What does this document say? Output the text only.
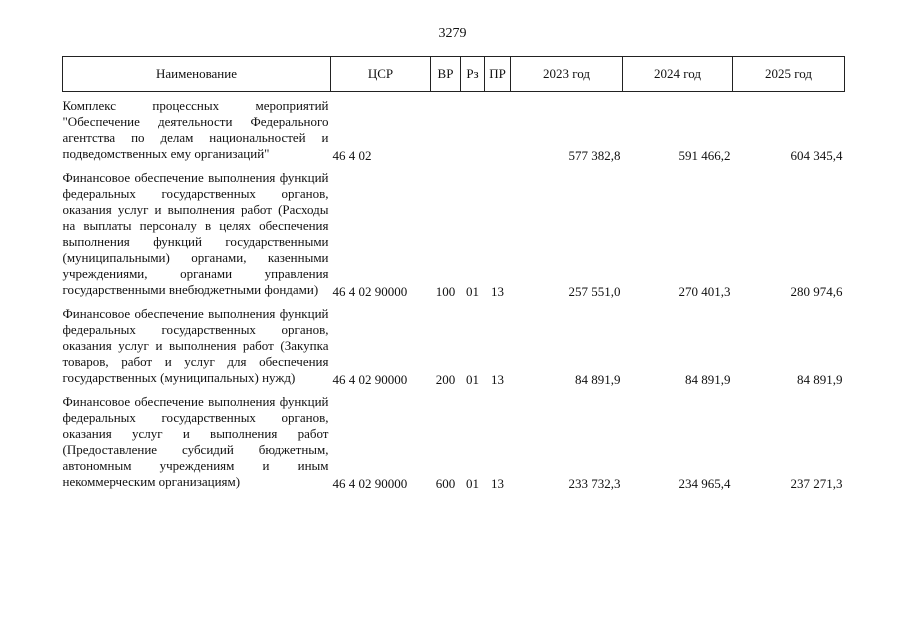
3279
Наименование	ЦСР	ВР	Рз	ПР	2023 год	2024 год	2025 год
Комплекс процессных мероприятий "Обеспечение деятельности Федерального агентства по делам национальностей и подведомственных ему организаций"	46 4 02				577 382,8	591 466,2	604 345,4
Финансовое обеспечение выполнения функций федеральных государственных органов, оказания услуг и выполнения работ (Расходы на выплаты персоналу в целях обеспечения выполнения функций государственными (муниципальными) органами, казенными учреждениями, органами управления государственными внебюджетными фондами)	46 4 02 90000	100	01	13	257 551,0	270 401,3	280 974,6
Финансовое обеспечение выполнения функций федеральных государственных органов, оказания услуг и выполнения работ (Закупка товаров, работ и услуг для обеспечения государственных (муниципальных) нужд)	46 4 02 90000	200	01	13	84 891,9	84 891,9	84 891,9
Финансовое обеспечение выполнения функций федеральных государственных органов, оказания услуг и выполнения работ (Предоставление субсидий бюджетным, автономным учреждениям и иным некоммерческим организациям)	46 4 02 90000	600	01	13	233 732,3	234 965,4	237 271,3
